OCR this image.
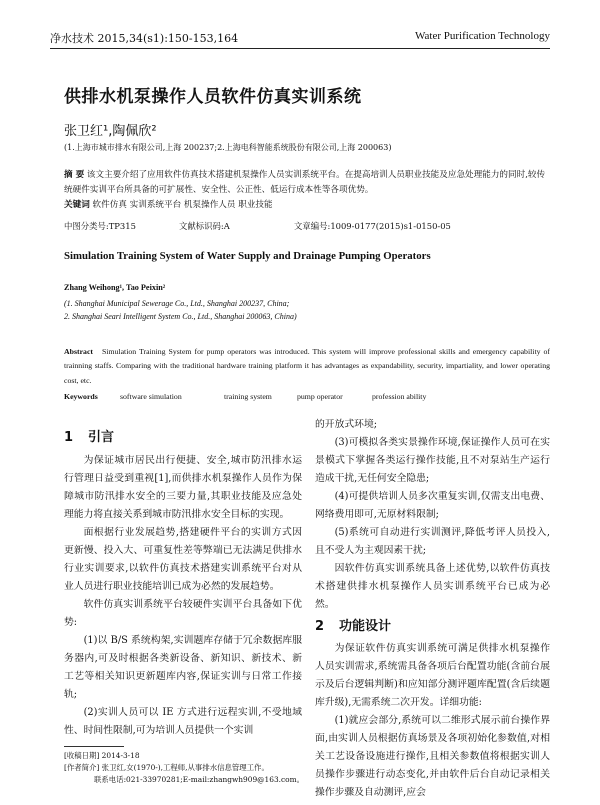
净水技术 2015,34(s1):150-153,164	Water Purification Technology
供排水机泵操作人员软件仿真实训系统
张卫红¹,陶佩欣²
(1.上海市城市排水有限公司,上海 200237;2.上海电科智能系统股份有限公司,上海 200063)
摘 要 该文主要介绍了应用软件仿真技术搭建机泵操作人员实训系统平台。在提高培训人员职业技能及应急处理能力的同时,较传统硬件实训平台所具备的可扩展性、安全性、公正性、低运行成本性等各项优势。
关键词 软件仿真 实训系统平台 机泵操作人员 职业技能
中图分类号:TP315	文献标识码:A	文章编号:1009-0177(2015)s1-0150-05
Simulation Training System of Water Supply and Drainage Pumping Operators
Zhang Weihong¹, Tao Peixin²
(1. Shanghai Municipal Sewerage Co., Ltd., Shanghai 200237, China;
2. Shanghai Seari Intelligent System Co., Ltd., Shanghai 200063, China)
Abstract Simulation Training System for pump operators was introduced. This system will improve professional skills and emergency capability of trainning staffs. Comparing with the traditional hardware training platform it has advantages as expandability, security, impartiality, and lower operating cost, etc.
Keywords	software simulation	training system	pump operator	profession ability
1 引言

为保证城市居民出行便捷、安全,城市防汛排水运行管理日益受到重视[1],而供排水机泵操作人员作为保障城市防汛排水安全的三要力量,其职业技能及应急处理能力将直接关系到城市防汛排水安全目标的实现。

面根据行业发展趋势,搭建硬件平台的实训方式因更新慢、投入大、可重复性差等弊端已无法满足供排水行业实训要求,以软件仿真技术搭建实训系统平台对从业人员进行职业技能培训已成为必然的发展趋势。

软件仿真实训系统平台较硬件实训平台具备如下优势:

(1)以 B/S 系统构架,实训题库存储于冗余数据库服务器内,可及时根据各类新设备、新知识、新技术、新工艺等相关知识更新题库内容,保证实训与日常工作接轨;

(2)实训人员可以 IE 方式进行远程实训,不受地域性、时间性限制,可为培训人员提供一个实训

[收稿日期] 2014-3-18
[作者简介] 张卫红,女(1970-),工程师,从事排水信息管理工作。
联系电话:021-33970281;E-mail:zhangwh909@163.com。

的开放式环境;

(3)可模拟各类实景操作环境,保证操作人员可在实景模式下掌握各类运行操作技能,且不对泵站生产运行造成干扰,无任何安全隐患;

(4)可提供培训人员多次重复实训,仅需支出电费、网络费用即可,无原材料限制;

(5)系统可自动进行实训测评,降低考评人员投入,且不受人为主观因素干扰;

因软件仿真实训系统具备上述优势,以软件仿真技术搭建供排水机泵操作人员实训系统平台已成为必然。

2 功能设计

为保证软件仿真实训系统可满足供排水机泵操作人员实训需求,系统需具备各项后台配置功能(含前台展示及后台逻辑判断)和应知部分测评题库配置(含后续题库升级),无需系统二次开发。详细功能:

(1)就应会部分,系统可以二维形式展示前台操作界面,由实训人员根据仿真场景及各项初始化参数值,对相关工艺设备设施进行操作,且相关参数值将根据实训人员操作步骤进行动态变化,并由软件后台自动记录相关操作步骤及自动测评,应会
